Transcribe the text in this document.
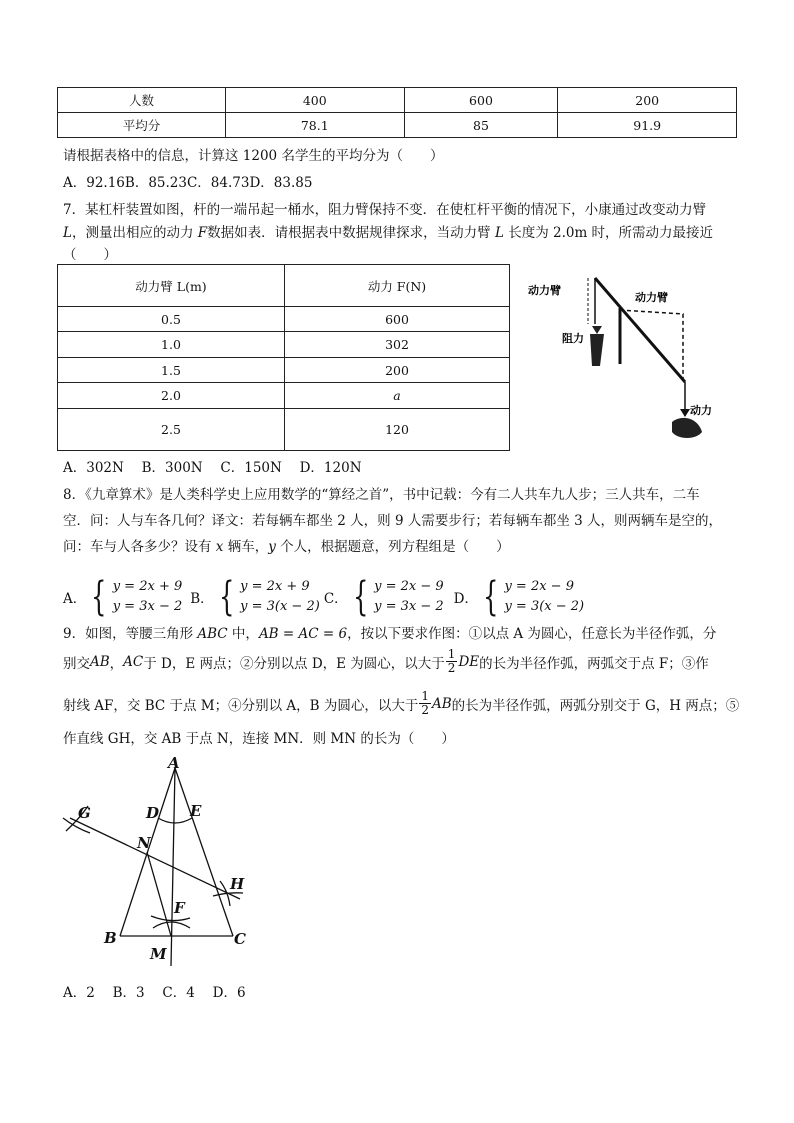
人数	400	600	200
平均分	78.1	85	91.9
请根据表格中的信息，计算这 1200 名学生的平均分为（　　）
A．92.16B．85.23C．84.73D．83.85
7．某杠杆装置如图，杆的一端吊起一桶水，阻力臂保持不变．在使杠杆平衡的情况下，小康通过改变动力臂
L，测量出相应的动力 F数据如表．请根据表中数据规律探求，当动力臂 L 长度为 2.0m 时，所需动力最接近
（　　）
动力臂 L(m)	动力 F(N)
0.5	600
1.0	302
1.5	200
2.0	a
2.5	120
动力臂
动力臂
阻力
动力
A．302N　 B．300N　 C．150N　 D．120N
8．《九章算术》是人类科学史上应用数学的“算经之首”，书中记载：今有二人共车九人步；三人共车，二车
空．问：人与车各几何？译文：若每辆车都坐 2 人，则 9 人需要步行；若每辆车都坐 3 人，则两辆车是空的，
问：车与人各多少？设有 x 辆车，y 个人，根据题意，列方程组是（　　）
A． { y = 2x + 9
y = 3x − 2 B． { y = 2x + 9
y = 3(x − 2) C． { y = 2x − 9
y = 3x − 2 D． { y = 2x − 9
y = 3(x − 2)
9．如图，等腰三角形 ABC 中，AB = AC = 6，按以下要求作图：①以点 A 为圆心，任意长为半径作弧，分
别交 AB ， AC 于 D，E 两点；②分别以点 D，E 为圆心，以大于 $\frac{1}{2}$ DE 的长为半径作弧，两弧交于点 F；③作
射线 AF，交 BC 于点 M；④分别以 A，B 为圆心，以大于 $\frac{1}{2}$ AB 的长为半径作弧，两弧分别交于 G，H 两点；⑤
作直线 GH，交 AB 于点 N，连接 MN．则 MN 的长为（　　）
A
B	C
D E
F
G
H
M
N
A．2　 B．3　 C．4　 D．6
